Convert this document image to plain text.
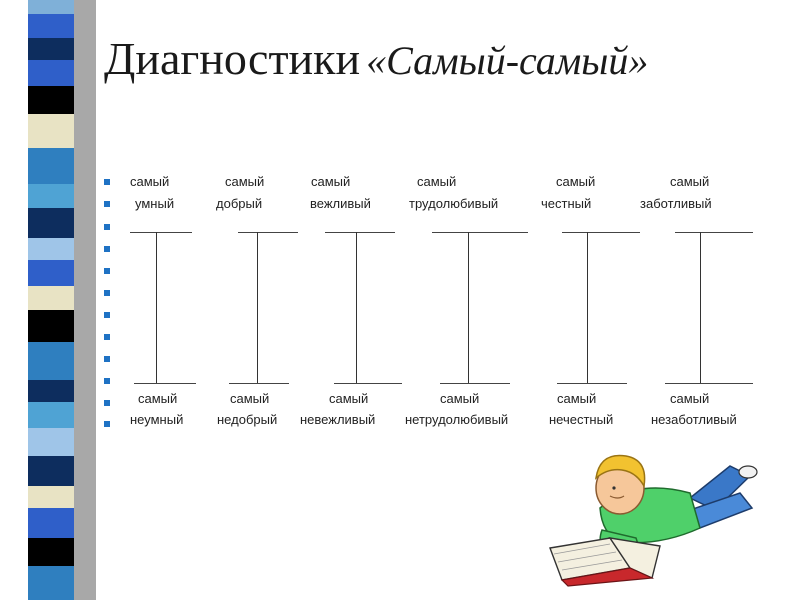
Диагностики «Самый-самый»
самый
умный
самый
неумный
самый
добрый
самый
недобрый
самый
вежливый
самый
невежливый
самый
трудолюбивый
самый
нетрудолюбивый
самый
честный
самый
нечестный
самый
заботливый
самый
незаботливый
